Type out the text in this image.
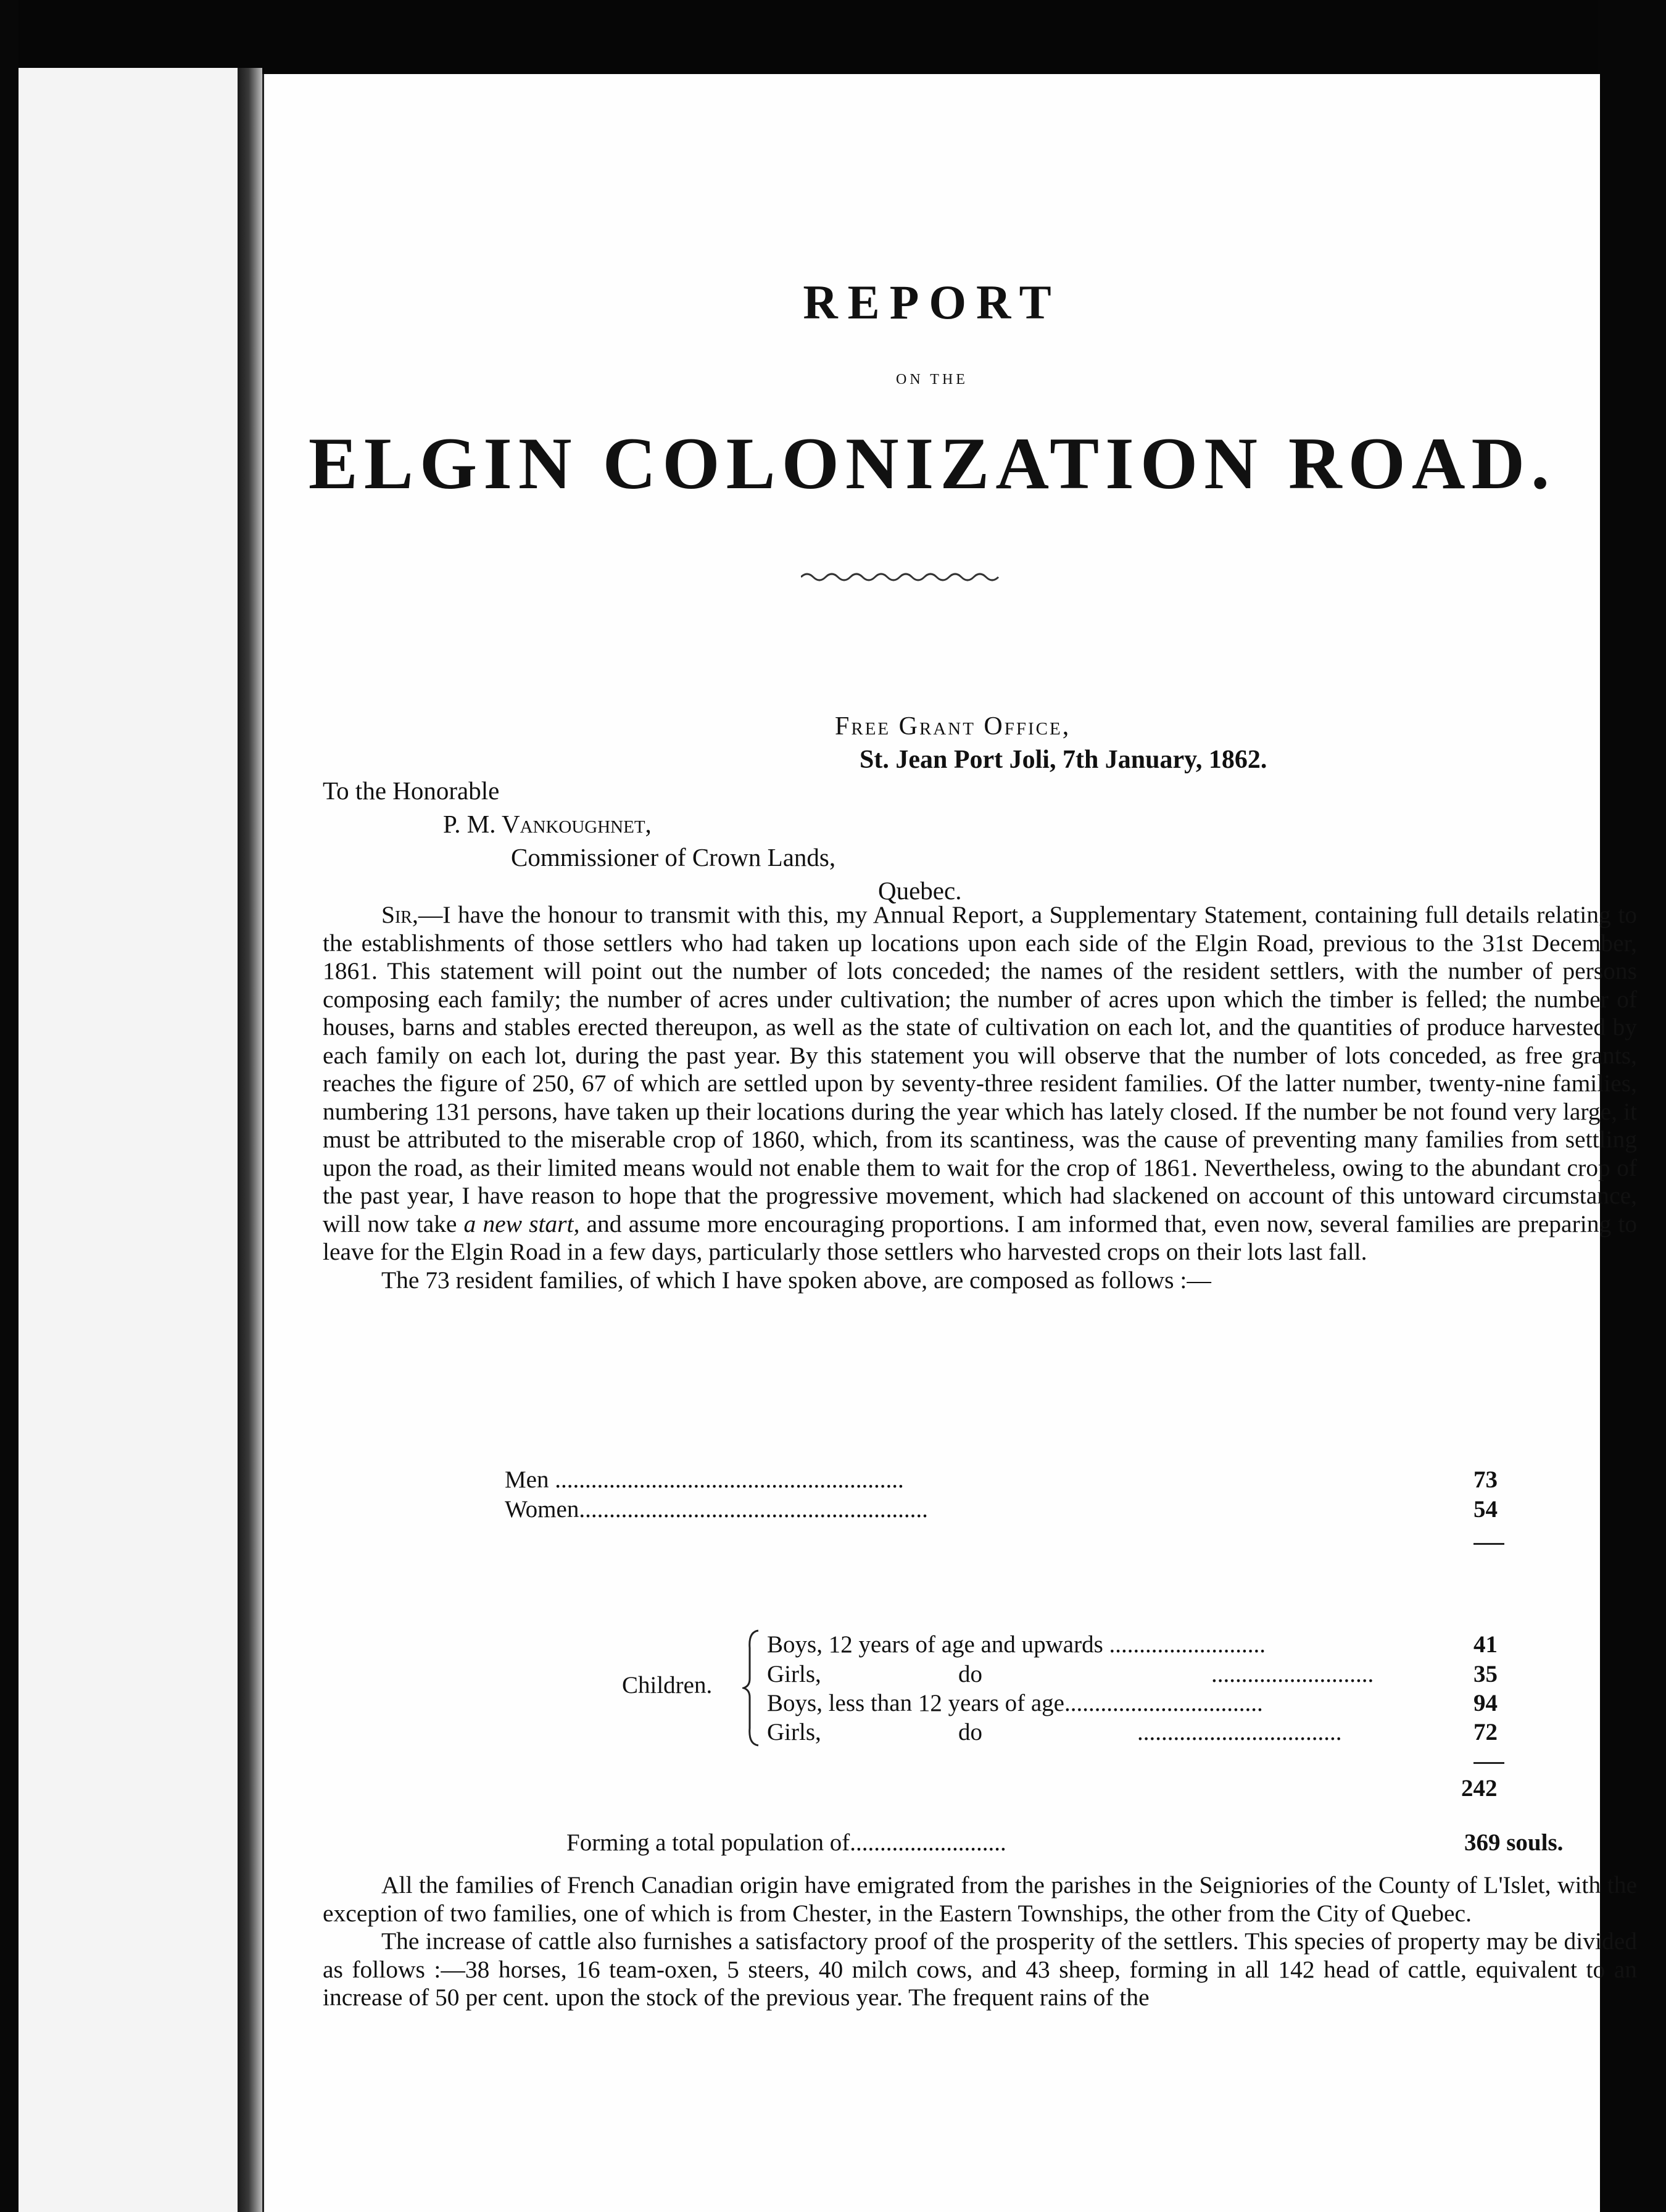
REPORT
ON THE
ELGIN COLONIZATION ROAD.
Free Grant Office,
St. Jean Port Joli, 7th January, 1862.
To the Honorable
P. M. Vankoughnet,
Commissioner of Crown Lands,
Quebec.

Sir,—I have the honour to transmit with this, my Annual Report, a Supplementary Statement, containing full details relating to the establishments of those settlers who had taken up locations upon each side of the Elgin Road, previous to the 31st December, 1861. This statement will point out the number of lots conceded; the names of the resident settlers, with the number of persons composing each family; the number of acres under cultivation; the number of acres upon which the timber is felled; the number of houses, barns and stables erected thereupon, as well as the state of cultivation on each lot, and the quantities of produce harvested by each family on each lot, during the past year. By this statement you will observe that the number of lots conceded, as free grants, reaches the figure of 250, 67 of which are settled upon by seventy-three resident families. Of the latter number, twenty-nine families, numbering 131 persons, have taken up their locations during the year which has lately closed. If the number be not found very large, it must be attributed to the miserable crop of 1860, which, from its scantiness, was the cause of preventing many families from settling upon the road, as their limited means would not enable them to wait for the crop of 1861. Nevertheless, owing to the abundant crop of the past year, I have reason to hope that the progressive movement, which had slackened on account of this untoward circumstance, will now take a new start, and assume more encouraging proportions. I am informed that, even now, several families are preparing to leave for the Elgin Road in a few days, particularly those settlers who harvested crops on their lots last fall.

The 73 resident families, of which I have spoken above, are composed as follows :—

Men ..........................................................	73
Women..........................................................	54
Children.
Boys, 12 years of age and upwards ..........................	41
Girls,	do	...........................	35
Boys, less than 12 years of age.................................	94
Girls,	do	..................................	72
242
Forming a total population of..........................	369 souls.

All the families of French Canadian origin have emigrated from the parishes in the Seigniories of the County of L'Islet, with the exception of two families, one of which is from Chester, in the Eastern Townships, the other from the City of Quebec.

The increase of cattle also furnishes a satisfactory proof of the prosperity of the settlers. This species of property may be divided as follows :—38 horses, 16 team-oxen, 5 steers, 40 milch cows, and 43 sheep, forming in all 142 head of cattle, equivalent to an increase of 50 per cent. upon the stock of the previous year. The frequent rains of the
